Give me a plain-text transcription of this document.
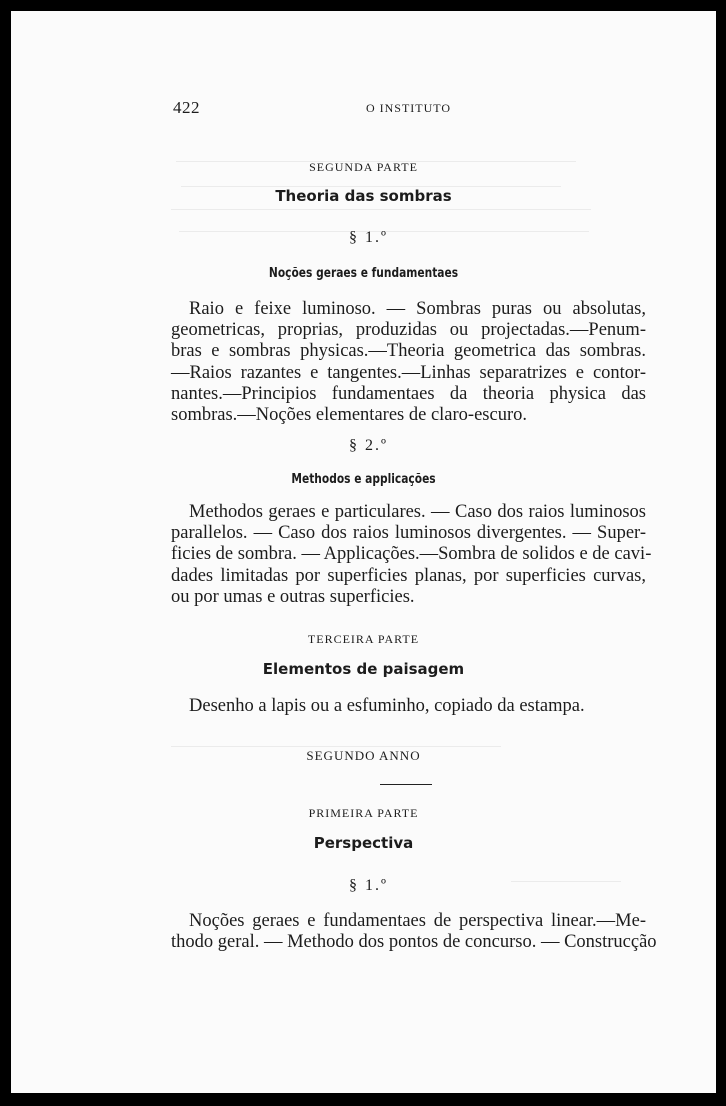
422	O INSTITUTO
SEGUNDA PARTE
Theoria das sombras
§ 1.º
Noções geraes e fundamentaes
Raio e feixe luminoso. — Sombras puras ou absolutas,
geometricas, proprias, produzidas ou projectadas.—Penum-
bras e sombras physicas.—Theoria geometrica das sombras.
—Raios razantes e tangentes.—Linhas separatrizes e contor-
nantes.—Principios fundamentaes da theoria physica das
sombras.—Noções elementares de claro-escuro.
§ 2.º
Methodos e applicações
Methodos geraes e particulares. — Caso dos raios luminosos
parallelos. — Caso dos raios luminosos divergentes. — Super-
ficies de sombra. — Applicações.—Sombra de solidos e de cavi-
dades limitadas por superficies planas, por superficies curvas,
ou por umas e outras superficies.
TERCEIRA PARTE
Elementos de paisagem
Desenho a lapis ou a esfuminho, copiado da estampa.
SEGUNDO ANNO
PRIMEIRA PARTE
Perspectiva
§ 1.º
Noções geraes e fundamentaes de perspectiva linear.—Me-
thodo geral. — Methodo dos pontos de concurso. — Construcção
